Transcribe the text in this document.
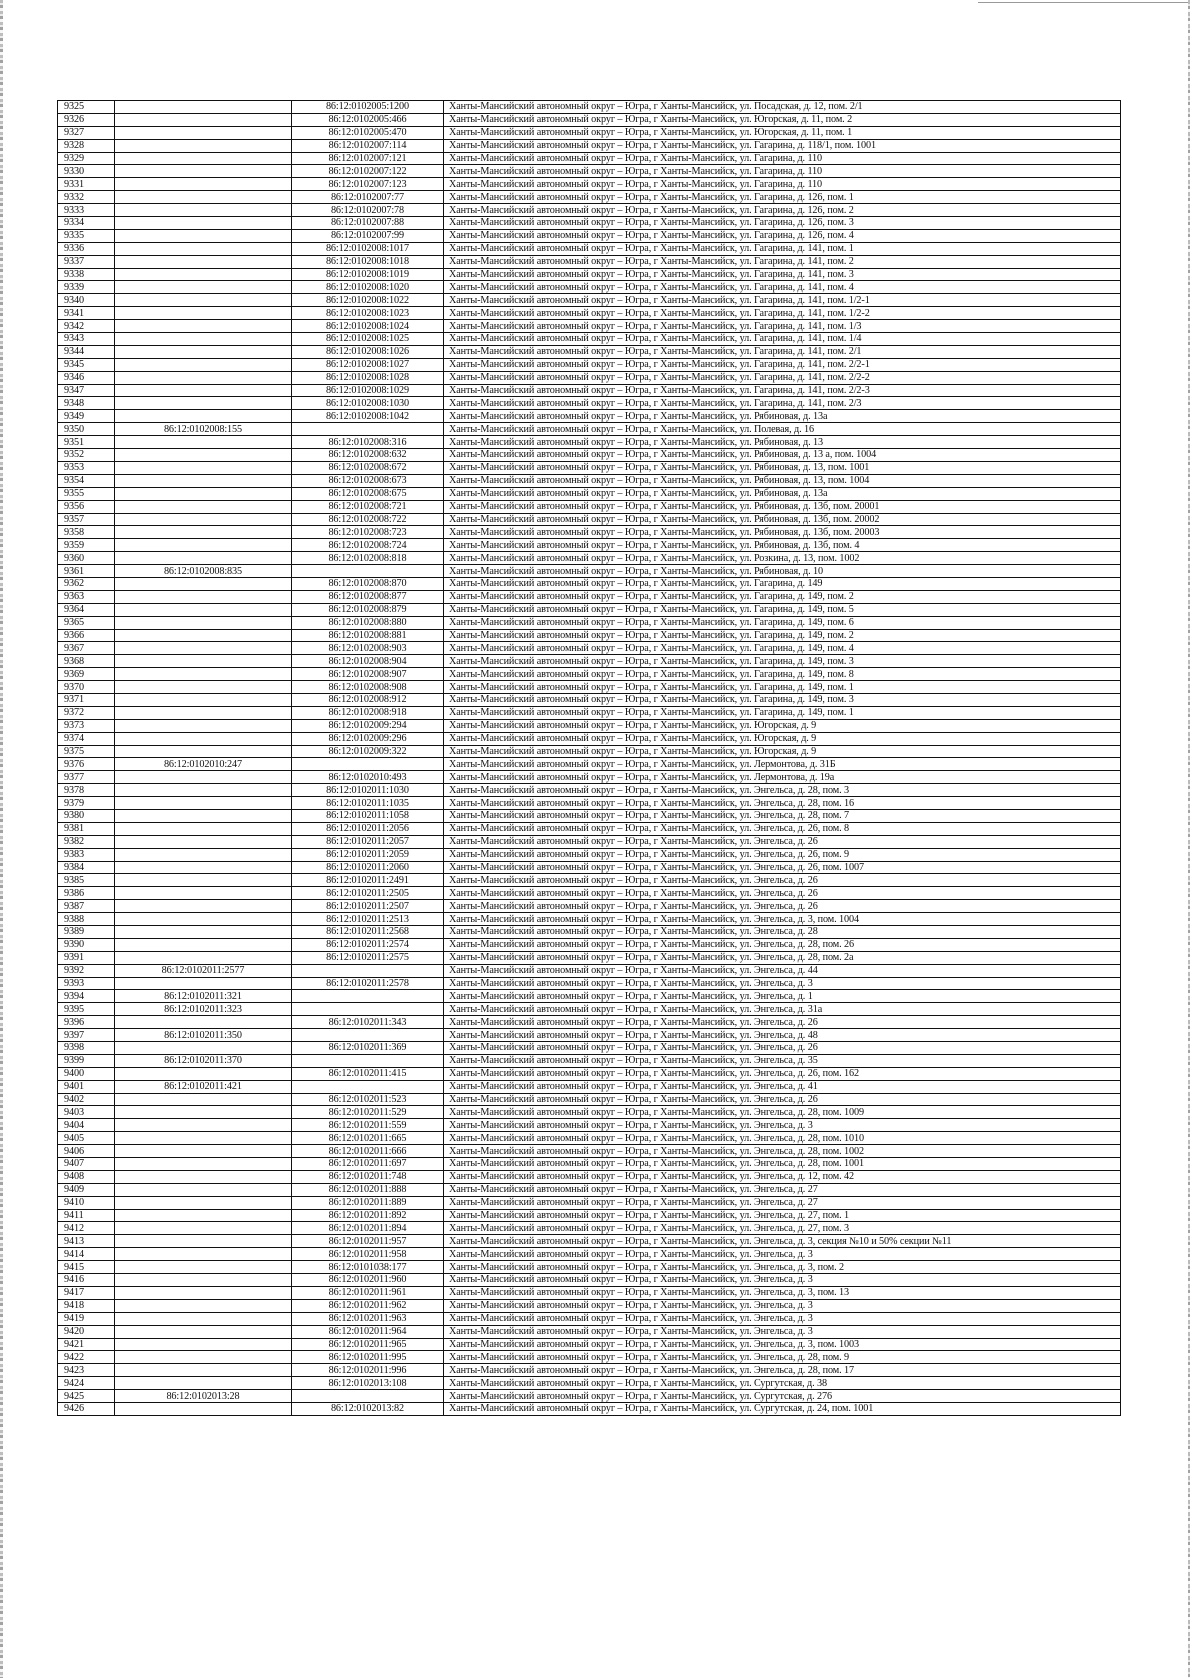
9325		86:12:0102005:1200	Ханты-Мансийский автономный округ – Югра, г Ханты-Мансийск, ул. Посадская, д. 12, пом. 2/1
9326		86:12:0102005:466	Ханты-Мансийский автономный округ – Югра, г Ханты-Мансийск, ул. Югорская, д. 11, пом. 2
9327		86:12:0102005:470	Ханты-Мансийский автономный округ – Югра, г Ханты-Мансийск, ул. Югорская, д. 11, пом. 1
9328		86:12:0102007:114	Ханты-Мансийский автономный округ – Югра, г Ханты-Мансийск, ул. Гагарина, д. 118/1, пом. 1001
9329		86:12:0102007:121	Ханты-Мансийский автономный округ – Югра, г Ханты-Мансийск, ул. Гагарина, д. 110
9330		86:12:0102007:122	Ханты-Мансийский автономный округ – Югра, г Ханты-Мансийск, ул. Гагарина, д. 110
9331		86:12:0102007:123	Ханты-Мансийский автономный округ – Югра, г Ханты-Мансийск, ул. Гагарина, д. 110
9332		86:12:0102007:77	Ханты-Мансийский автономный округ – Югра, г Ханты-Мансийск, ул. Гагарина, д. 126, пом. 1
9333		86:12:0102007:78	Ханты-Мансийский автономный округ – Югра, г Ханты-Мансийск, ул. Гагарина, д. 126, пом. 2
9334		86:12:0102007:88	Ханты-Мансийский автономный округ – Югра, г Ханты-Мансийск, ул. Гагарина, д. 126, пом. 3
9335		86:12:0102007:99	Ханты-Мансийский автономный округ – Югра, г Ханты-Мансийск, ул. Гагарина, д. 126, пом. 4
9336		86:12:0102008:1017	Ханты-Мансийский автономный округ – Югра, г Ханты-Мансийск, ул. Гагарина, д. 141, пом. 1
9337		86:12:0102008:1018	Ханты-Мансийский автономный округ – Югра, г Ханты-Мансийск, ул. Гагарина, д. 141, пом. 2
9338		86:12:0102008:1019	Ханты-Мансийский автономный округ – Югра, г Ханты-Мансийск, ул. Гагарина, д. 141, пом. 3
9339		86:12:0102008:1020	Ханты-Мансийский автономный округ – Югра, г Ханты-Мансийск, ул. Гагарина, д. 141, пом. 4
9340		86:12:0102008:1022	Ханты-Мансийский автономный округ – Югра, г Ханты-Мансийск, ул. Гагарина, д. 141, пом. 1/2-1
9341		86:12:0102008:1023	Ханты-Мансийский автономный округ – Югра, г Ханты-Мансийск, ул. Гагарина, д. 141, пом. 1/2-2
9342		86:12:0102008:1024	Ханты-Мансийский автономный округ – Югра, г Ханты-Мансийск, ул. Гагарина, д. 141, пом. 1/3
9343		86:12:0102008:1025	Ханты-Мансийский автономный округ – Югра, г Ханты-Мансийск, ул. Гагарина, д. 141, пом. 1/4
9344		86:12:0102008:1026	Ханты-Мансийский автономный округ – Югра, г Ханты-Мансийск, ул. Гагарина, д. 141, пом. 2/1
9345		86:12:0102008:1027	Ханты-Мансийский автономный округ – Югра, г Ханты-Мансийск, ул. Гагарина, д. 141, пом. 2/2-1
9346		86:12:0102008:1028	Ханты-Мансийский автономный округ – Югра, г Ханты-Мансийск, ул. Гагарина, д. 141, пом. 2/2-2
9347		86:12:0102008:1029	Ханты-Мансийский автономный округ – Югра, г Ханты-Мансийск, ул. Гагарина, д. 141, пом. 2/2-3
9348		86:12:0102008:1030	Ханты-Мансийский автономный округ – Югра, г Ханты-Мансийск, ул. Гагарина, д. 141, пом. 2/3
9349		86:12:0102008:1042	Ханты-Мансийский автономный округ – Югра, г Ханты-Мансийск, ул. Рябиновая, д. 13а
9350	86:12:0102008:155		Ханты-Мансийский автономный округ – Югра, г Ханты-Мансийск, ул. Полевая, д. 16
9351		86:12:0102008:316	Ханты-Мансийский автономный округ – Югра, г Ханты-Мансийск, ул. Рябиновая, д. 13
9352		86:12:0102008:632	Ханты-Мансийский автономный округ – Югра, г Ханты-Мансийск, ул. Рябиновая, д. 13 а, пом. 1004
9353		86:12:0102008:672	Ханты-Мансийский автономный округ – Югра, г Ханты-Мансийск, ул. Рябиновая, д. 13, пом. 1001
9354		86:12:0102008:673	Ханты-Мансийский автономный округ – Югра, г Ханты-Мансийск, ул. Рябиновая, д. 13, пом. 1004
9355		86:12:0102008:675	Ханты-Мансийский автономный округ – Югра, г Ханты-Мансийск, ул. Рябиновая, д. 13а
9356		86:12:0102008:721	Ханты-Мансийский автономный округ – Югра, г Ханты-Мансийск, ул. Рябиновая, д. 13б, пом. 20001
9357		86:12:0102008:722	Ханты-Мансийский автономный округ – Югра, г Ханты-Мансийск, ул. Рябиновая, д. 13б, пом. 20002
9358		86:12:0102008:723	Ханты-Мансийский автономный округ – Югра, г Ханты-Мансийск, ул. Рябиновая, д. 13б, пом. 20003
9359		86:12:0102008:724	Ханты-Мансийский автономный округ – Югра, г Ханты-Мансийск, ул. Рябиновая, д. 13б, пом. 4
9360		86:12:0102008:818	Ханты-Мансийский автономный округ – Югра, г Ханты-Мансийск, ул. Розкина, д. 13, пом. 1002
9361	86:12:0102008:835		Ханты-Мансийский автономный округ – Югра, г Ханты-Мансийск, ул. Рябиновая, д. 10
9362		86:12:0102008:870	Ханты-Мансийский автономный округ – Югра, г Ханты-Мансийск, ул. Гагарина, д. 149
9363		86:12:0102008:877	Ханты-Мансийский автономный округ – Югра, г Ханты-Мансийск, ул. Гагарина, д. 149, пом. 2
9364		86:12:0102008:879	Ханты-Мансийский автономный округ – Югра, г Ханты-Мансийск, ул. Гагарина, д. 149, пом. 5
9365		86:12:0102008:880	Ханты-Мансийский автономный округ – Югра, г Ханты-Мансийск, ул. Гагарина, д. 149, пом. 6
9366		86:12:0102008:881	Ханты-Мансийский автономный округ – Югра, г Ханты-Мансийск, ул. Гагарина, д. 149, пом. 2
9367		86:12:0102008:903	Ханты-Мансийский автономный округ – Югра, г Ханты-Мансийск, ул. Гагарина, д. 149, пом. 4
9368		86:12:0102008:904	Ханты-Мансийский автономный округ – Югра, г Ханты-Мансийск, ул. Гагарина, д. 149, пом. 3
9369		86:12:0102008:907	Ханты-Мансийский автономный округ – Югра, г Ханты-Мансийск, ул. Гагарина, д. 149, пом. 8
9370		86:12:0102008:908	Ханты-Мансийский автономный округ – Югра, г Ханты-Мансийск, ул. Гагарина, д. 149, пом. 1
9371		86:12:0102008:912	Ханты-Мансийский автономный округ – Югра, г Ханты-Мансийск, ул. Гагарина, д. 149, пом. 3
9372		86:12:0102008:918	Ханты-Мансийский автономный округ – Югра, г Ханты-Мансийск, ул. Гагарина, д. 149, пом. 1
9373		86:12:0102009:294	Ханты-Мансийский автономный округ – Югра, г Ханты-Мансийск, ул. Югорская, д. 9
9374		86:12:0102009:296	Ханты-Мансийский автономный округ – Югра, г Ханты-Мансийск, ул. Югорская, д. 9
9375		86:12:0102009:322	Ханты-Мансийский автономный округ – Югра, г Ханты-Мансийск, ул. Югорская, д. 9
9376	86:12:0102010:247		Ханты-Мансийский автономный округ – Югра, г Ханты-Мансийск, ул. Лермонтова, д. 31Б
9377		86:12:0102010:493	Ханты-Мансийский автономный округ – Югра, г Ханты-Мансийск, ул. Лермонтова, д. 19а
9378		86:12:0102011:1030	Ханты-Мансийский автономный округ – Югра, г Ханты-Мансийск, ул. Энгельса, д. 28, пом. 3
9379		86:12:0102011:1035	Ханты-Мансийский автономный округ – Югра, г Ханты-Мансийск, ул. Энгельса, д. 28, пом. 16
9380		86:12:0102011:1058	Ханты-Мансийский автономный округ – Югра, г Ханты-Мансийск, ул. Энгельса, д. 28, пом. 7
9381		86:12:0102011:2056	Ханты-Мансийский автономный округ – Югра, г Ханты-Мансийск, ул. Энгельса, д. 26, пом. 8
9382		86:12:0102011:2057	Ханты-Мансийский автономный округ – Югра, г Ханты-Мансийск, ул. Энгельса, д. 26
9383		86:12:0102011:2059	Ханты-Мансийский автономный округ – Югра, г Ханты-Мансийск, ул. Энгельса, д. 26, пом. 9
9384		86:12:0102011:2060	Ханты-Мансийский автономный округ – Югра, г Ханты-Мансийск, ул. Энгельса, д. 26, пом. 1007
9385		86:12:0102011:2491	Ханты-Мансийский автономный округ – Югра, г Ханты-Мансийск, ул. Энгельса, д. 26
9386		86:12:0102011:2505	Ханты-Мансийский автономный округ – Югра, г Ханты-Мансийск, ул. Энгельса, д. 26
9387		86:12:0102011:2507	Ханты-Мансийский автономный округ – Югра, г Ханты-Мансийск, ул. Энгельса, д. 26
9388		86:12:0102011:2513	Ханты-Мансийский автономный округ – Югра, г Ханты-Мансийск, ул. Энгельса, д. 3, пом. 1004
9389		86:12:0102011:2568	Ханты-Мансийский автономный округ – Югра, г Ханты-Мансийск, ул. Энгельса, д. 28
9390		86:12:0102011:2574	Ханты-Мансийский автономный округ – Югра, г Ханты-Мансийск, ул. Энгельса, д. 28, пом. 26
9391		86:12:0102011:2575	Ханты-Мансийский автономный округ – Югра, г Ханты-Мансийск, ул. Энгельса, д. 28, пом. 2а
9392	86:12:0102011:2577		Ханты-Мансийский автономный округ – Югра, г Ханты-Мансийск, ул. Энгельса, д. 44
9393		86:12:0102011:2578	Ханты-Мансийский автономный округ – Югра, г Ханты-Мансийск, ул. Энгельса, д. 3
9394	86:12:0102011:321		Ханты-Мансийский автономный округ – Югра, г Ханты-Мансийск, ул. Энгельса, д. 1
9395	86:12:0102011:323		Ханты-Мансийский автономный округ – Югра, г Ханты-Мансийск, ул. Энгельса, д. 31а
9396		86:12:0102011:343	Ханты-Мансийский автономный округ – Югра, г Ханты-Мансийск, ул. Энгельса, д. 26
9397	86:12:0102011:350		Ханты-Мансийский автономный округ – Югра, г Ханты-Мансийск, ул. Энгельса, д. 48
9398		86:12:0102011:369	Ханты-Мансийский автономный округ – Югра, г Ханты-Мансийск, ул. Энгельса, д. 26
9399	86:12:0102011:370		Ханты-Мансийский автономный округ – Югра, г Ханты-Мансийск, ул. Энгельса, д. 35
9400		86:12:0102011:415	Ханты-Мансийский автономный округ – Югра, г Ханты-Мансийск, ул. Энгельса, д. 26, пом. 162
9401	86:12:0102011:421		Ханты-Мансийский автономный округ – Югра, г Ханты-Мансийск, ул. Энгельса, д. 41
9402		86:12:0102011:523	Ханты-Мансийский автономный округ – Югра, г Ханты-Мансийск, ул. Энгельса, д. 26
9403		86:12:0102011:529	Ханты-Мансийский автономный округ – Югра, г Ханты-Мансийск, ул. Энгельса, д. 28, пом. 1009
9404		86:12:0102011:559	Ханты-Мансийский автономный округ – Югра, г Ханты-Мансийск, ул. Энгельса, д. 3
9405		86:12:0102011:665	Ханты-Мансийский автономный округ – Югра, г Ханты-Мансийск, ул. Энгельса, д. 28, пом. 1010
9406		86:12:0102011:666	Ханты-Мансийский автономный округ – Югра, г Ханты-Мансийск, ул. Энгельса, д. 28, пом. 1002
9407		86:12:0102011:697	Ханты-Мансийский автономный округ – Югра, г Ханты-Мансийск, ул. Энгельса, д. 28, пом. 1001
9408		86:12:0102011:748	Ханты-Мансийский автономный округ – Югра, г Ханты-Мансийск, ул. Энгельса, д. 12, пом. 42
9409		86:12:0102011:888	Ханты-Мансийский автономный округ – Югра, г Ханты-Мансийск, ул. Энгельса, д. 27
9410		86:12:0102011:889	Ханты-Мансийский автономный округ – Югра, г Ханты-Мансийск, ул. Энгельса, д. 27
9411		86:12:0102011:892	Ханты-Мансийский автономный округ – Югра, г Ханты-Мансийск, ул. Энгельса, д. 27, пом. 1
9412		86:12:0102011:894	Ханты-Мансийский автономный округ – Югра, г Ханты-Мансийск, ул. Энгельса, д. 27, пом. 3
9413		86:12:0102011:957	Ханты-Мансийский автономный округ – Югра, г Ханты-Мансийск, ул. Энгельса, д. 3, секция №10 и 50% секции №11
9414		86:12:0102011:958	Ханты-Мансийский автономный округ – Югра, г Ханты-Мансийск, ул. Энгельса, д. 3
9415		86:12:0101038:177	Ханты-Мансийский автономный округ – Югра, г Ханты-Мансийск, ул. Энгельса, д. 3, пом. 2
9416		86:12:0102011:960	Ханты-Мансийский автономный округ – Югра, г Ханты-Мансийск, ул. Энгельса, д. 3
9417		86:12:0102011:961	Ханты-Мансийский автономный округ – Югра, г Ханты-Мансийск, ул. Энгельса, д. 3, пом. 13
9418		86:12:0102011:962	Ханты-Мансийский автономный округ – Югра, г Ханты-Мансийск, ул. Энгельса, д. 3
9419		86:12:0102011:963	Ханты-Мансийский автономный округ – Югра, г Ханты-Мансийск, ул. Энгельса, д. 3
9420		86:12:0102011:964	Ханты-Мансийский автономный округ – Югра, г Ханты-Мансийск, ул. Энгельса, д. 3
9421		86:12:0102011:965	Ханты-Мансийский автономный округ – Югра, г Ханты-Мансийск, ул. Энгельса, д. 3, пом. 1003
9422		86:12:0102011:995	Ханты-Мансийский автономный округ – Югра, г Ханты-Мансийск, ул. Энгельса, д. 28, пом. 9
9423		86:12:0102011:996	Ханты-Мансийский автономный округ – Югра, г Ханты-Мансийск, ул. Энгельса, д. 28, пом. 17
9424		86:12:0102013:108	Ханты-Мансийский автономный округ – Югра, г Ханты-Мансийск, ул. Сургутская, д. 38
9425	86:12:0102013:28		Ханты-Мансийский автономный округ – Югра, г Ханты-Мансийск, ул. Сургутская, д. 276
9426		86:12:0102013:82	Ханты-Мансийский автономный округ – Югра, г Ханты-Мансийск, ул. Сургутская, д. 24, пом. 1001
